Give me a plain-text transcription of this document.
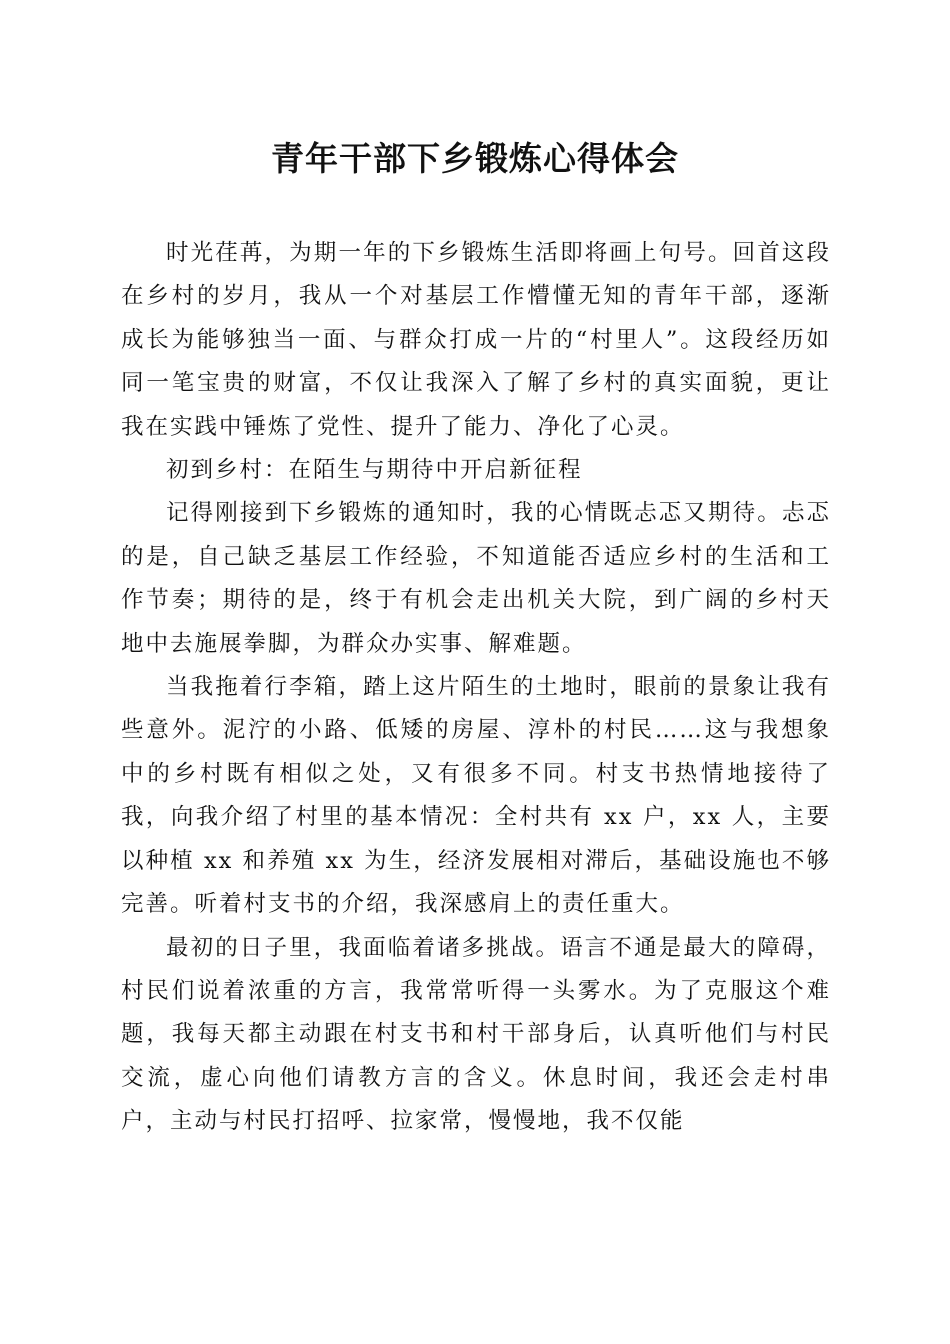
青年干部下乡锻炼心得体会

时光荏苒，为期一年的下乡锻炼生活即将画上句号。回首这段在乡村的岁月，我从一个对基层工作懵懂无知的青年干部，逐渐成长为能够独当一面、与群众打成一片的“村里人”。这段经历如同一笔宝贵的财富，不仅让我深入了解了乡村的真实面貌，更让我在实践中锤炼了党性、提升了能力、净化了心灵。

初到乡村：在陌生与期待中开启新征程

记得刚接到下乡锻炼的通知时，我的心情既忐忑又期待。忐忑的是，自己缺乏基层工作经验，不知道能否适应乡村的生活和工作节奏；期待的是，终于有机会走出机关大院，到广阔的乡村天地中去施展拳脚，为群众办实事、解难题。

当我拖着行李箱，踏上这片陌生的土地时，眼前的景象让我有些意外。泥泞的小路、低矮的房屋、淳朴的村民……这与我想象中的乡村既有相似之处，又有很多不同。村支书热情地接待了我，向我介绍了村里的基本情况：全村共有 xx 户，xx 人，主要以种植 xx 和养殖 xx 为生，经济发展相对滞后，基础设施也不够完善。听着村支书的介绍，我深感肩上的责任重大。

最初的日子里，我面临着诸多挑战。语言不通是最大的障碍，村民们说着浓重的方言，我常常听得一头雾水。为了克服这个难题，我每天都主动跟在村支书和村干部身后，认真听他们与村民交流，虚心向他们请教方言的含义。休息时间，我还会走村串户，主动与村民打招呼、拉家常，慢慢地，我不仅能
